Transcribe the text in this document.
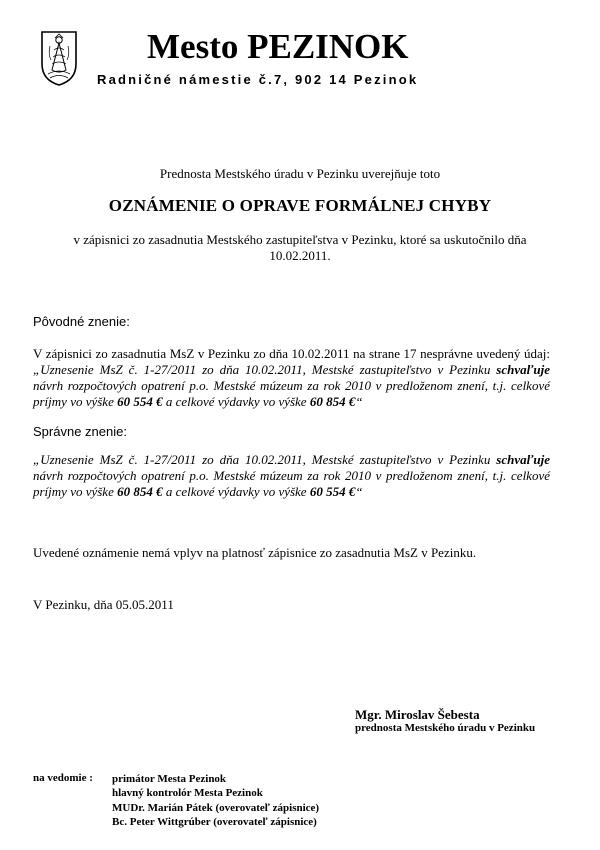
Mesto PEZINOK
Radničné námestie č.7, 902 14 Pezinok
Prednosta Mestského úradu v Pezinku uverejňuje toto
OZNÁMENIE O OPRAVE FORMÁLNEJ CHYBY
v zápisnici zo zasadnutia Mestského zastupiteľstva v Pezinku, ktoré sa uskutočnilo dňa 10.02.2011.
Pôvodné znenie:
V zápisnici zo zasadnutia MsZ v Pezinku zo dňa 10.02.2011 na strane 17 nesprávne uvedený údaj: „Uznesenie MsZ č. 1-27/2011 zo dňa 10.02.2011, Mestské zastupiteľstvo v Pezinku schvaľuje návrh rozpočtových opatrení p.o. Mestské múzeum za rok 2010 v predloženom znení, t.j. celkové príjmy vo výške 60 554 € a celkové výdavky vo výške 60 854 €“
Správne znenie:
„Uznesenie MsZ č. 1-27/2011 zo dňa 10.02.2011, Mestské zastupiteľstvo v Pezinku schvaľuje návrh rozpočtových opatrení p.o. Mestské múzeum za rok 2010 v predloženom znení, t.j. celkové príjmy vo výške 60 854 € a celkové výdavky vo výške 60 554 €“
Uvedené oznámenie nemá vplyv na platnosť zápisnice zo zasadnutia MsZ v Pezinku.
V Pezinku, dňa 05.05.2011
Mgr. Miroslav Šebesta
prednosta Mestského úradu v Pezinku
na vedomie : primátor Mesta Pezinok
hlavný kontrolór Mesta Pezinok
MUDr. Marián Pátek (overovateľ zápisnice)
Bc. Peter Wittgrúber (overovateľ zápisnice)
